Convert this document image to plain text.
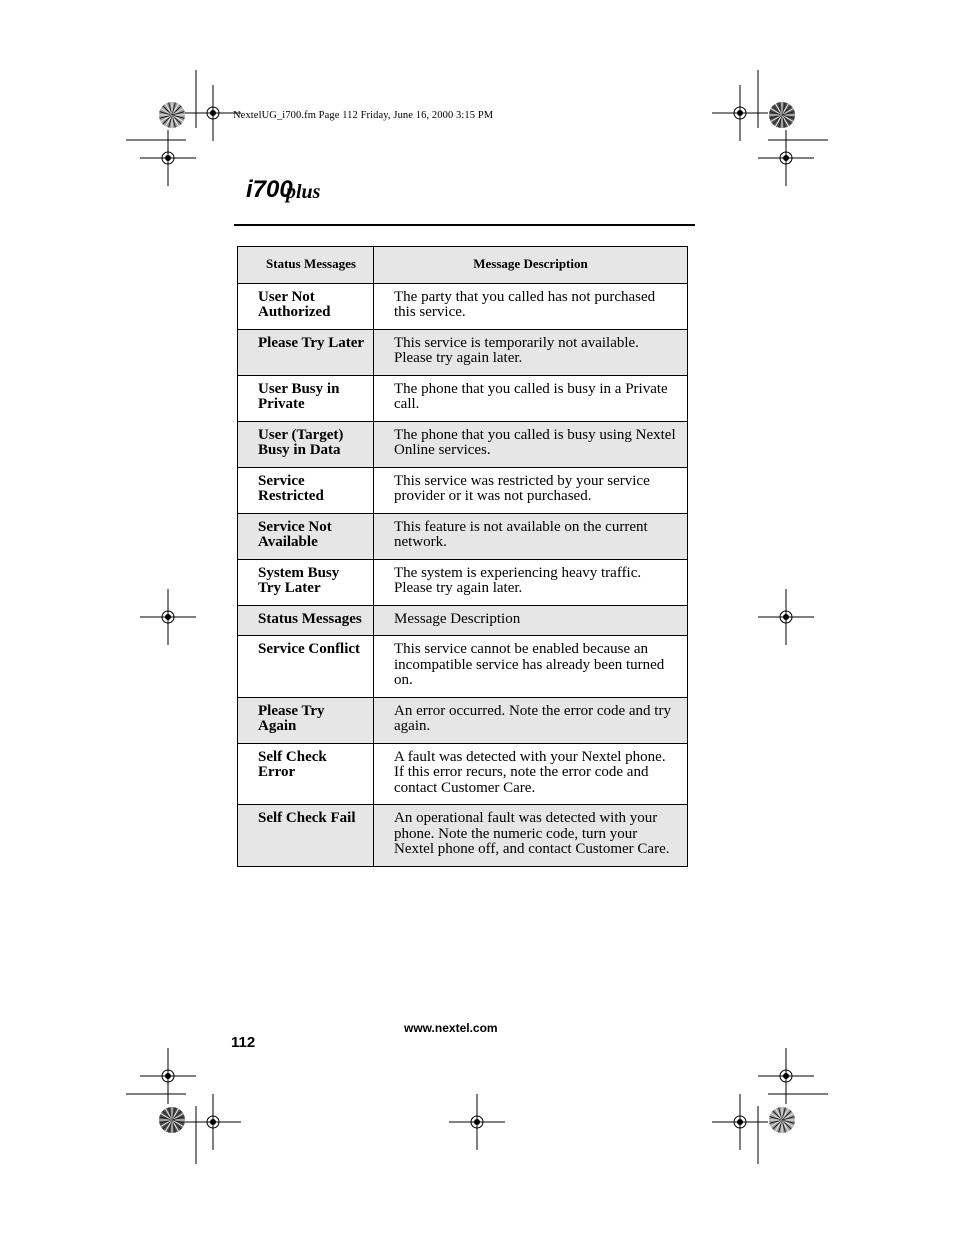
NextelUG_i700.fm Page 112 Friday, June 16, 2000 3:15 PM
i700
plus
Status Messages	Message Description
User Not Authorized	The party that you called has not purchased this service.
Please Try Later	This service is temporarily not available. Please try again later.
User Busy in Private	The phone that you called is busy in a Private call.
User (Target) Busy in Data	The phone that you called is busy using Nextel Online services.
Service Restricted	This service was restricted by your service provider or it was not purchased.
Service Not Available	This feature is not available on the current network.
System Busy Try Later	The system is experiencing heavy traffic. Please try again later.
Status Messages	Message Description
Service Conflict	This service cannot be enabled because an incompatible service has already been turned on.
Please Try Again	An error occurred. Note the error code and try again.
Self Check Error	A fault was detected with your Nextel phone. If this error recurs, note the error code and contact Customer Care.
Self Check Fail	An operational fault was detected with your phone. Note the numeric code, turn your Nextel phone off, and contact Customer Care.
www.nextel.com
112
